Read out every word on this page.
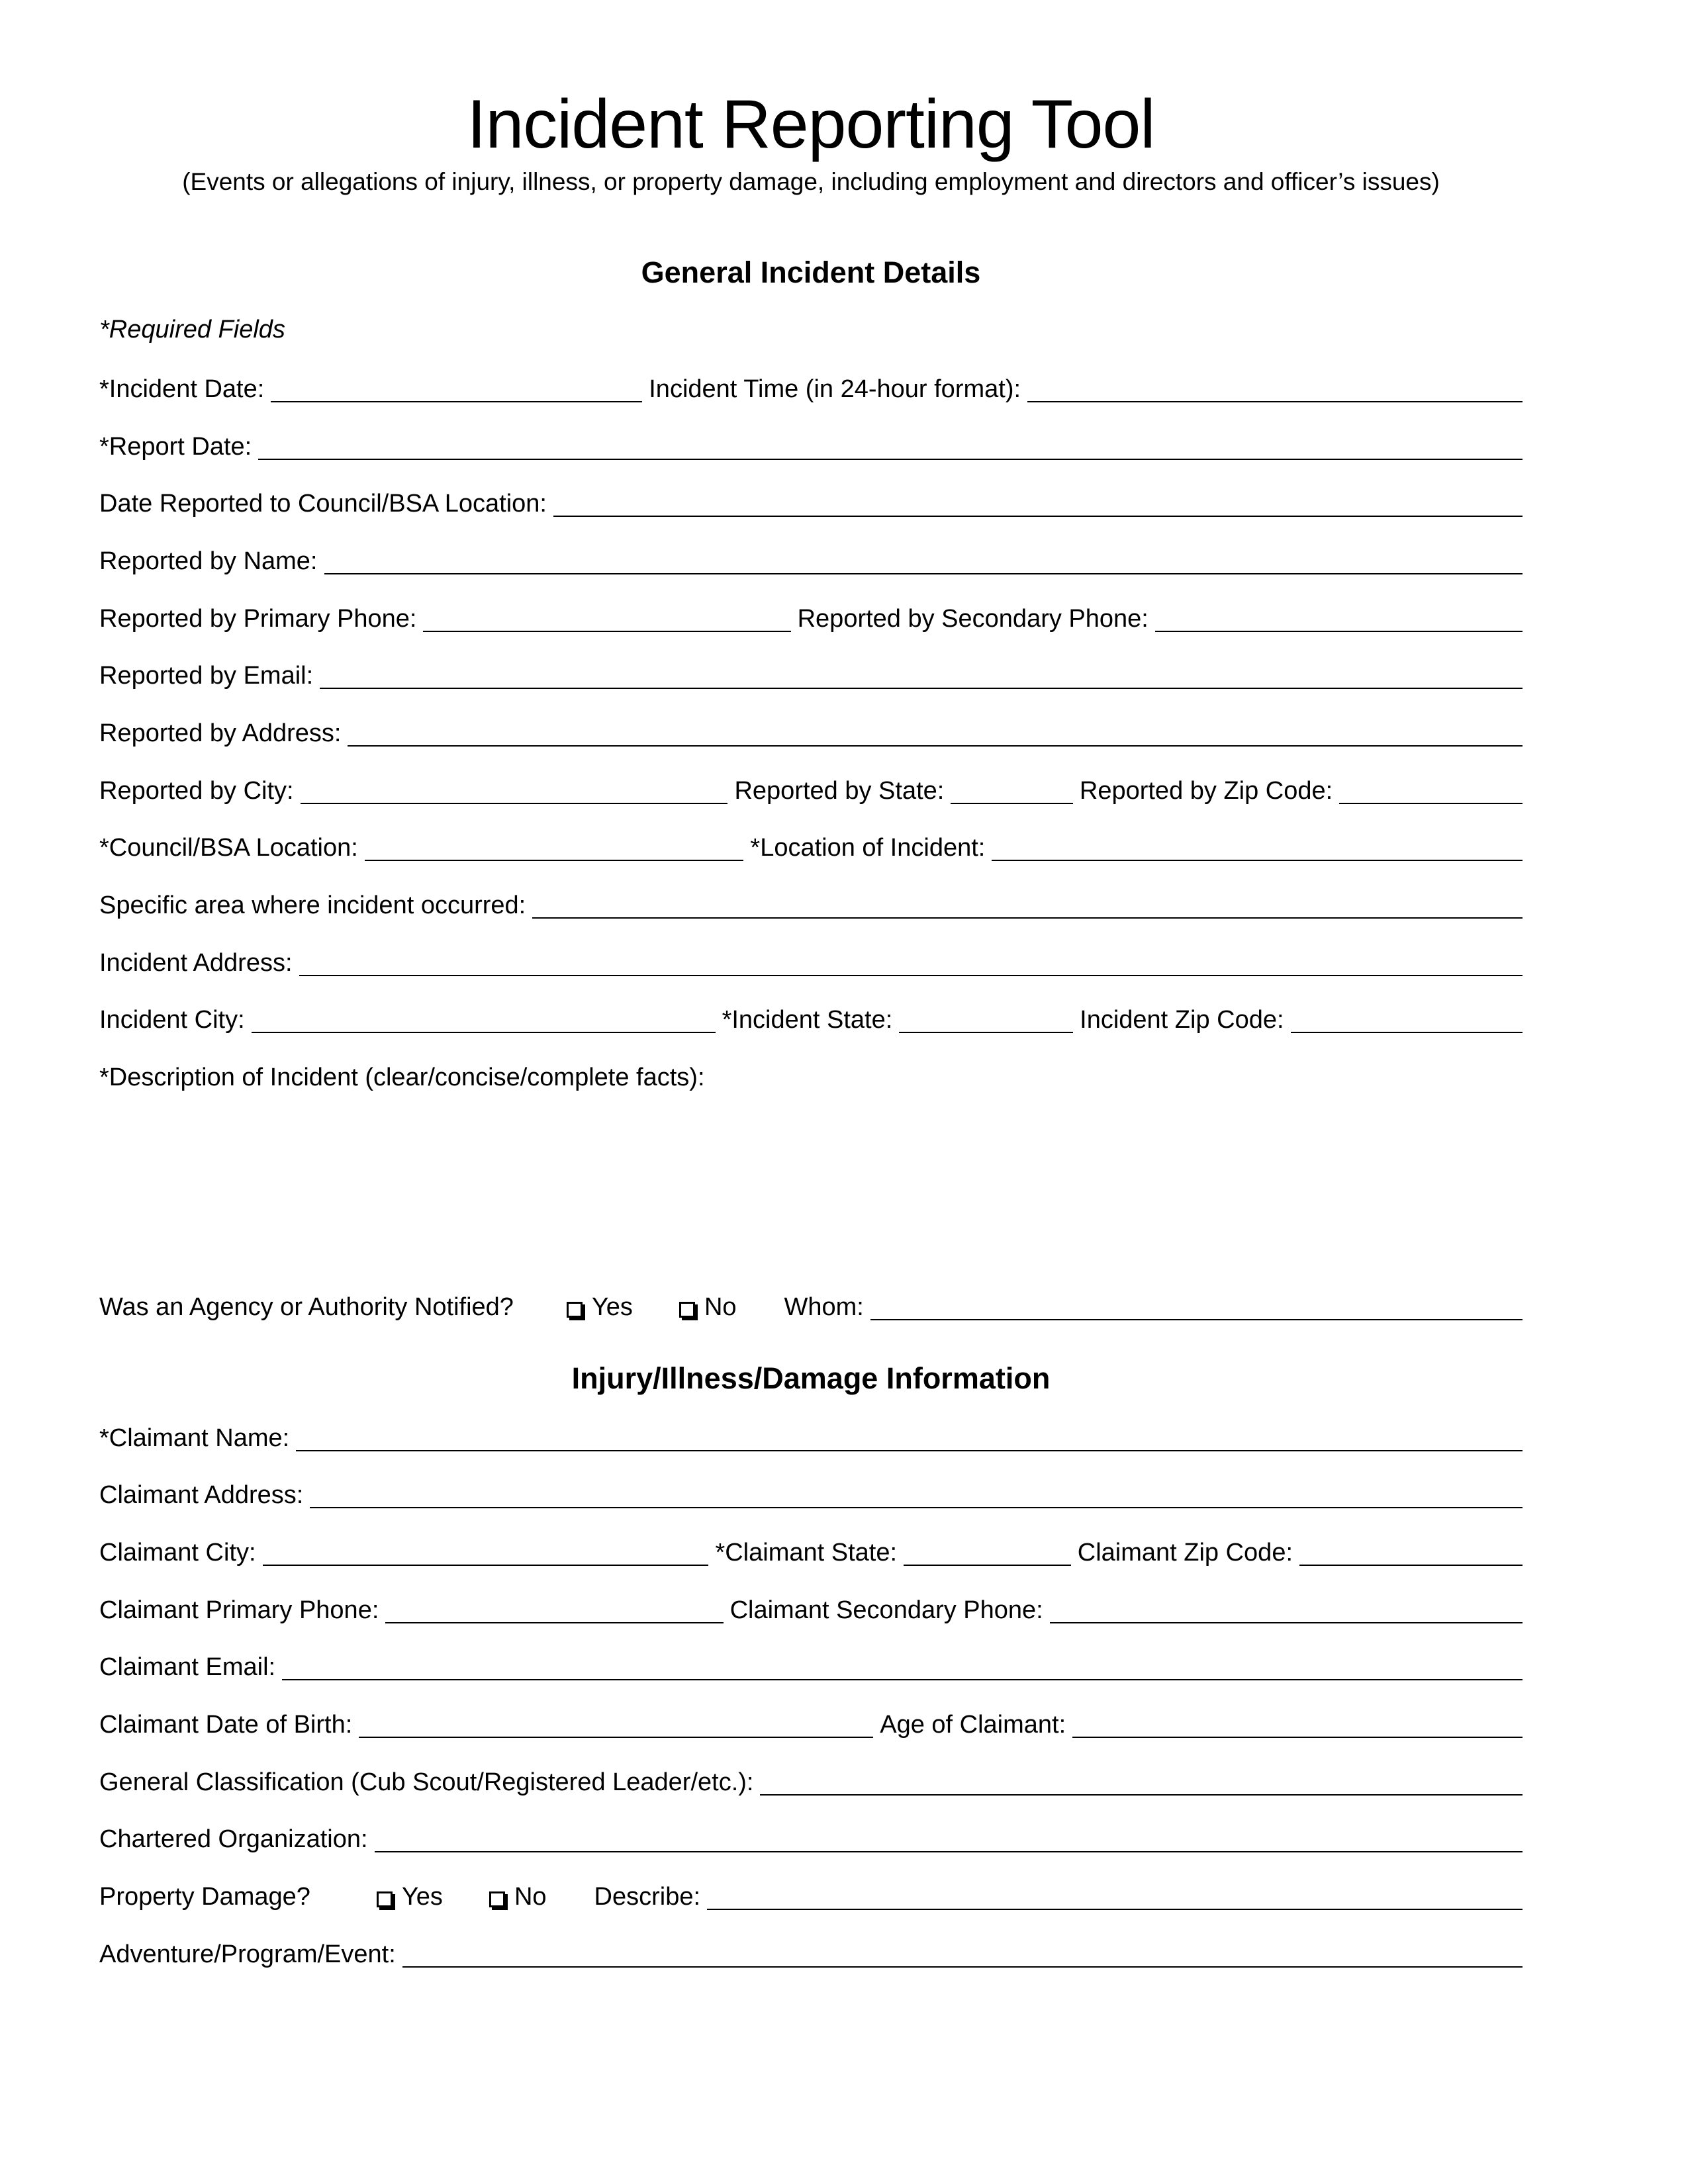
Incident Reporting Tool
(Events or allegations of injury, illness, or property damage, including employment and directors and officer’s issues)
General Incident Details
*Required Fields
*Incident Date:	Incident Time (in 24-hour format):
*Report Date:
Date Reported to Council/BSA Location:
Reported by Name:
Reported by Primary Phone:	Reported by Secondary Phone:
Reported by Email:
Reported by Address:
Reported by City:	Reported by State:	Reported by Zip Code:
*Council/BSA Location:	*Location of Incident:
Specific area where incident occurred:
Incident Address:
Incident City:	*Incident State:	Incident Zip Code:
*Description of Incident (clear/concise/complete facts):
Was an Agency or Authority Notified?	Yes	No Whom:
Injury/Illness/Damage Information
*Claimant Name:
Claimant Address:
Claimant City:	*Claimant State:	Claimant Zip Code:
Claimant Primary Phone:	Claimant Secondary Phone:
Claimant Email:
Claimant Date of Birth:	Age of Claimant:
General Classification (Cub Scout/Registered Leader/etc.):
Chartered Organization:
Property Damage?	Yes	No Describe:
Adventure/Program/Event:
